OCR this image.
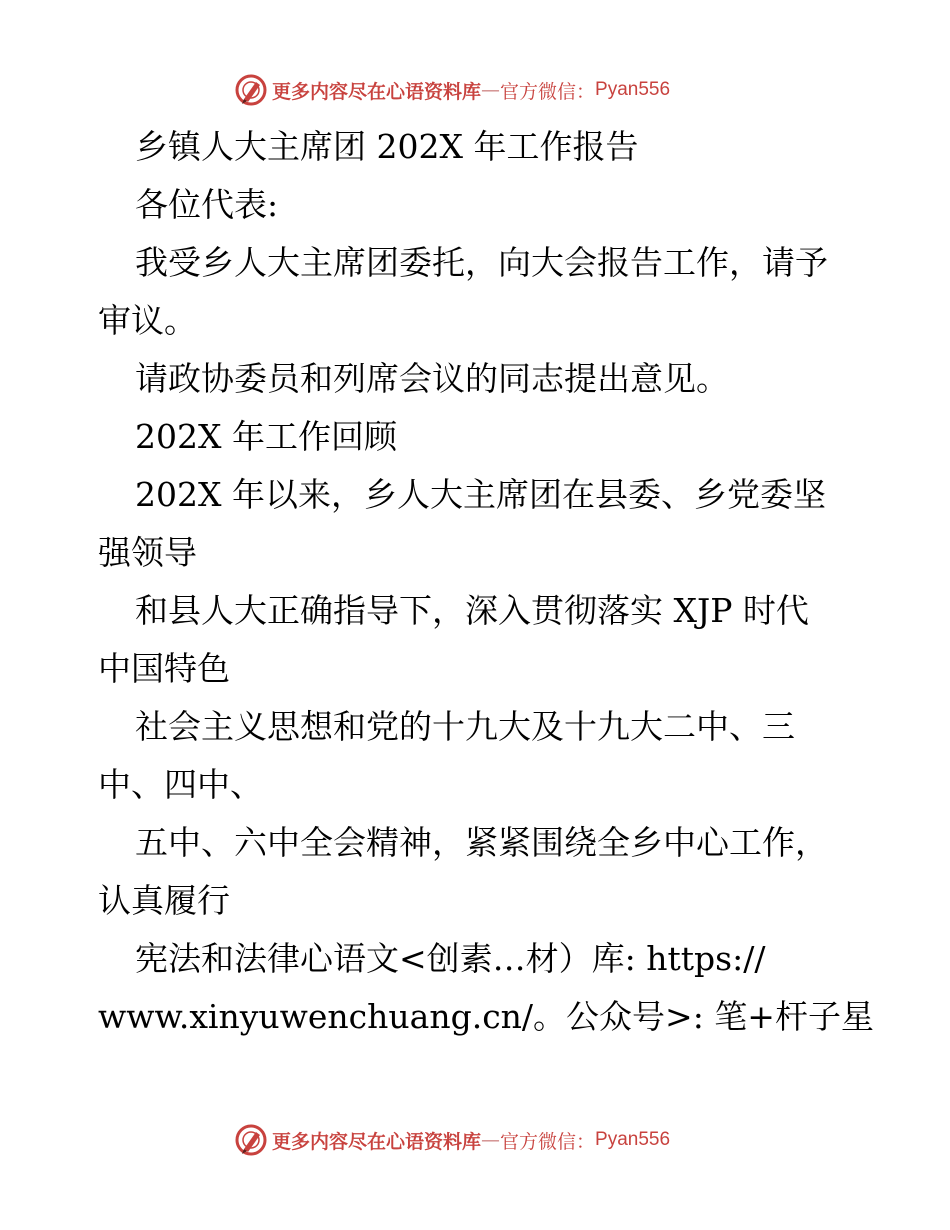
更多内容尽在心语资料库 — 官方微信： Pyan556
乡镇人大主席团 202X 年工作报告
各位代表:
我受乡人大主席团委托，向大会报告工作，请予
审议。
请政协委员和列席会议的同志提出意见。
202X 年工作回顾
202X 年以来，乡人大主席团在县委、乡党委坚
强领导
和县人大正确指导下，深入贯彻落实 XJP 时代
中国特色
社会主义思想和党的十九大及十九大二中、三
中、四中、
五中、六中全会精神，紧紧围绕全乡中心工作，
认真履行
宪法和法律心语文<创素…材）库: https://
www.xinyuwenchuang.cn/。公众号>: 笔+杆子星
更多内容尽在心语资料库 — 官方微信： Pyan556
